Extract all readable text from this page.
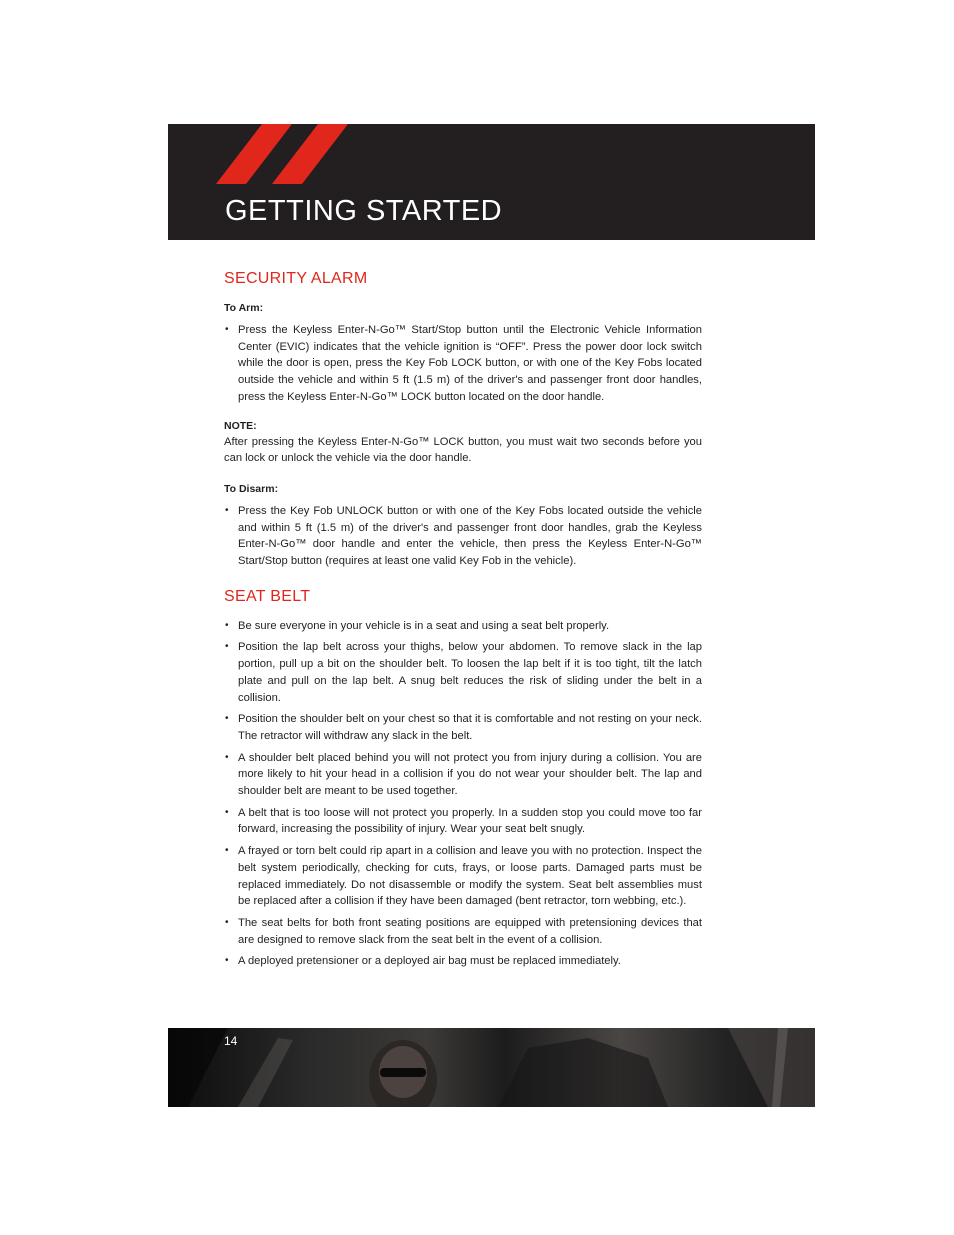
GETTING STARTED
SECURITY ALARM
To Arm:
• Press the Keyless Enter-N-Go™ Start/Stop button until the Electronic Vehicle Information Center (EVIC) indicates that the vehicle ignition is “OFF”. Press the power door lock switch while the door is open, press the Key Fob LOCK button, or with one of the Key Fobs located outside the vehicle and within 5 ft (1.5 m) of the driver's and passenger front door handles, press the Keyless Enter-N-Go™ LOCK button located on the door handle.
NOTE:

After pressing the Keyless Enter-N-Go™ LOCK button, you must wait two seconds before you can lock or unlock the vehicle via the door handle.

To Disarm:
• Press the Key Fob UNLOCK button or with one of the Key Fobs located outside the vehicle and within 5 ft (1.5 m) of the driver's and passenger front door handles, grab the Keyless Enter-N-Go™ door handle and enter the vehicle, then press the Keyless Enter-N-Go™ Start/Stop button (requires at least one valid Key Fob in the vehicle).
SEAT BELT
• Be sure everyone in your vehicle is in a seat and using a seat belt properly.
• Position the lap belt across your thighs, below your abdomen. To remove slack in the lap portion, pull up a bit on the shoulder belt. To loosen the lap belt if it is too tight, tilt the latch plate and pull on the lap belt. A snug belt reduces the risk of sliding under the belt in a collision.
• Position the shoulder belt on your chest so that it is comfortable and not resting on your neck. The retractor will withdraw any slack in the belt.
• A shoulder belt placed behind you will not protect you from injury during a collision. You are more likely to hit your head in a collision if you do not wear your shoulder belt. The lap and shoulder belt are meant to be used together.
• A belt that is too loose will not protect you properly. In a sudden stop you could move too far forward, increasing the possibility of injury. Wear your seat belt snugly.
• A frayed or torn belt could rip apart in a collision and leave you with no protection. Inspect the belt system periodically, checking for cuts, frays, or loose parts. Damaged parts must be replaced immediately. Do not disassemble or modify the system. Seat belt assemblies must be replaced after a collision if they have been damaged (bent retractor, torn webbing, etc.).
• The seat belts for both front seating positions are equipped with pretensioning devices that are designed to remove slack from the seat belt in the event of a collision.
• A deployed pretensioner or a deployed air bag must be replaced immediately.
14
